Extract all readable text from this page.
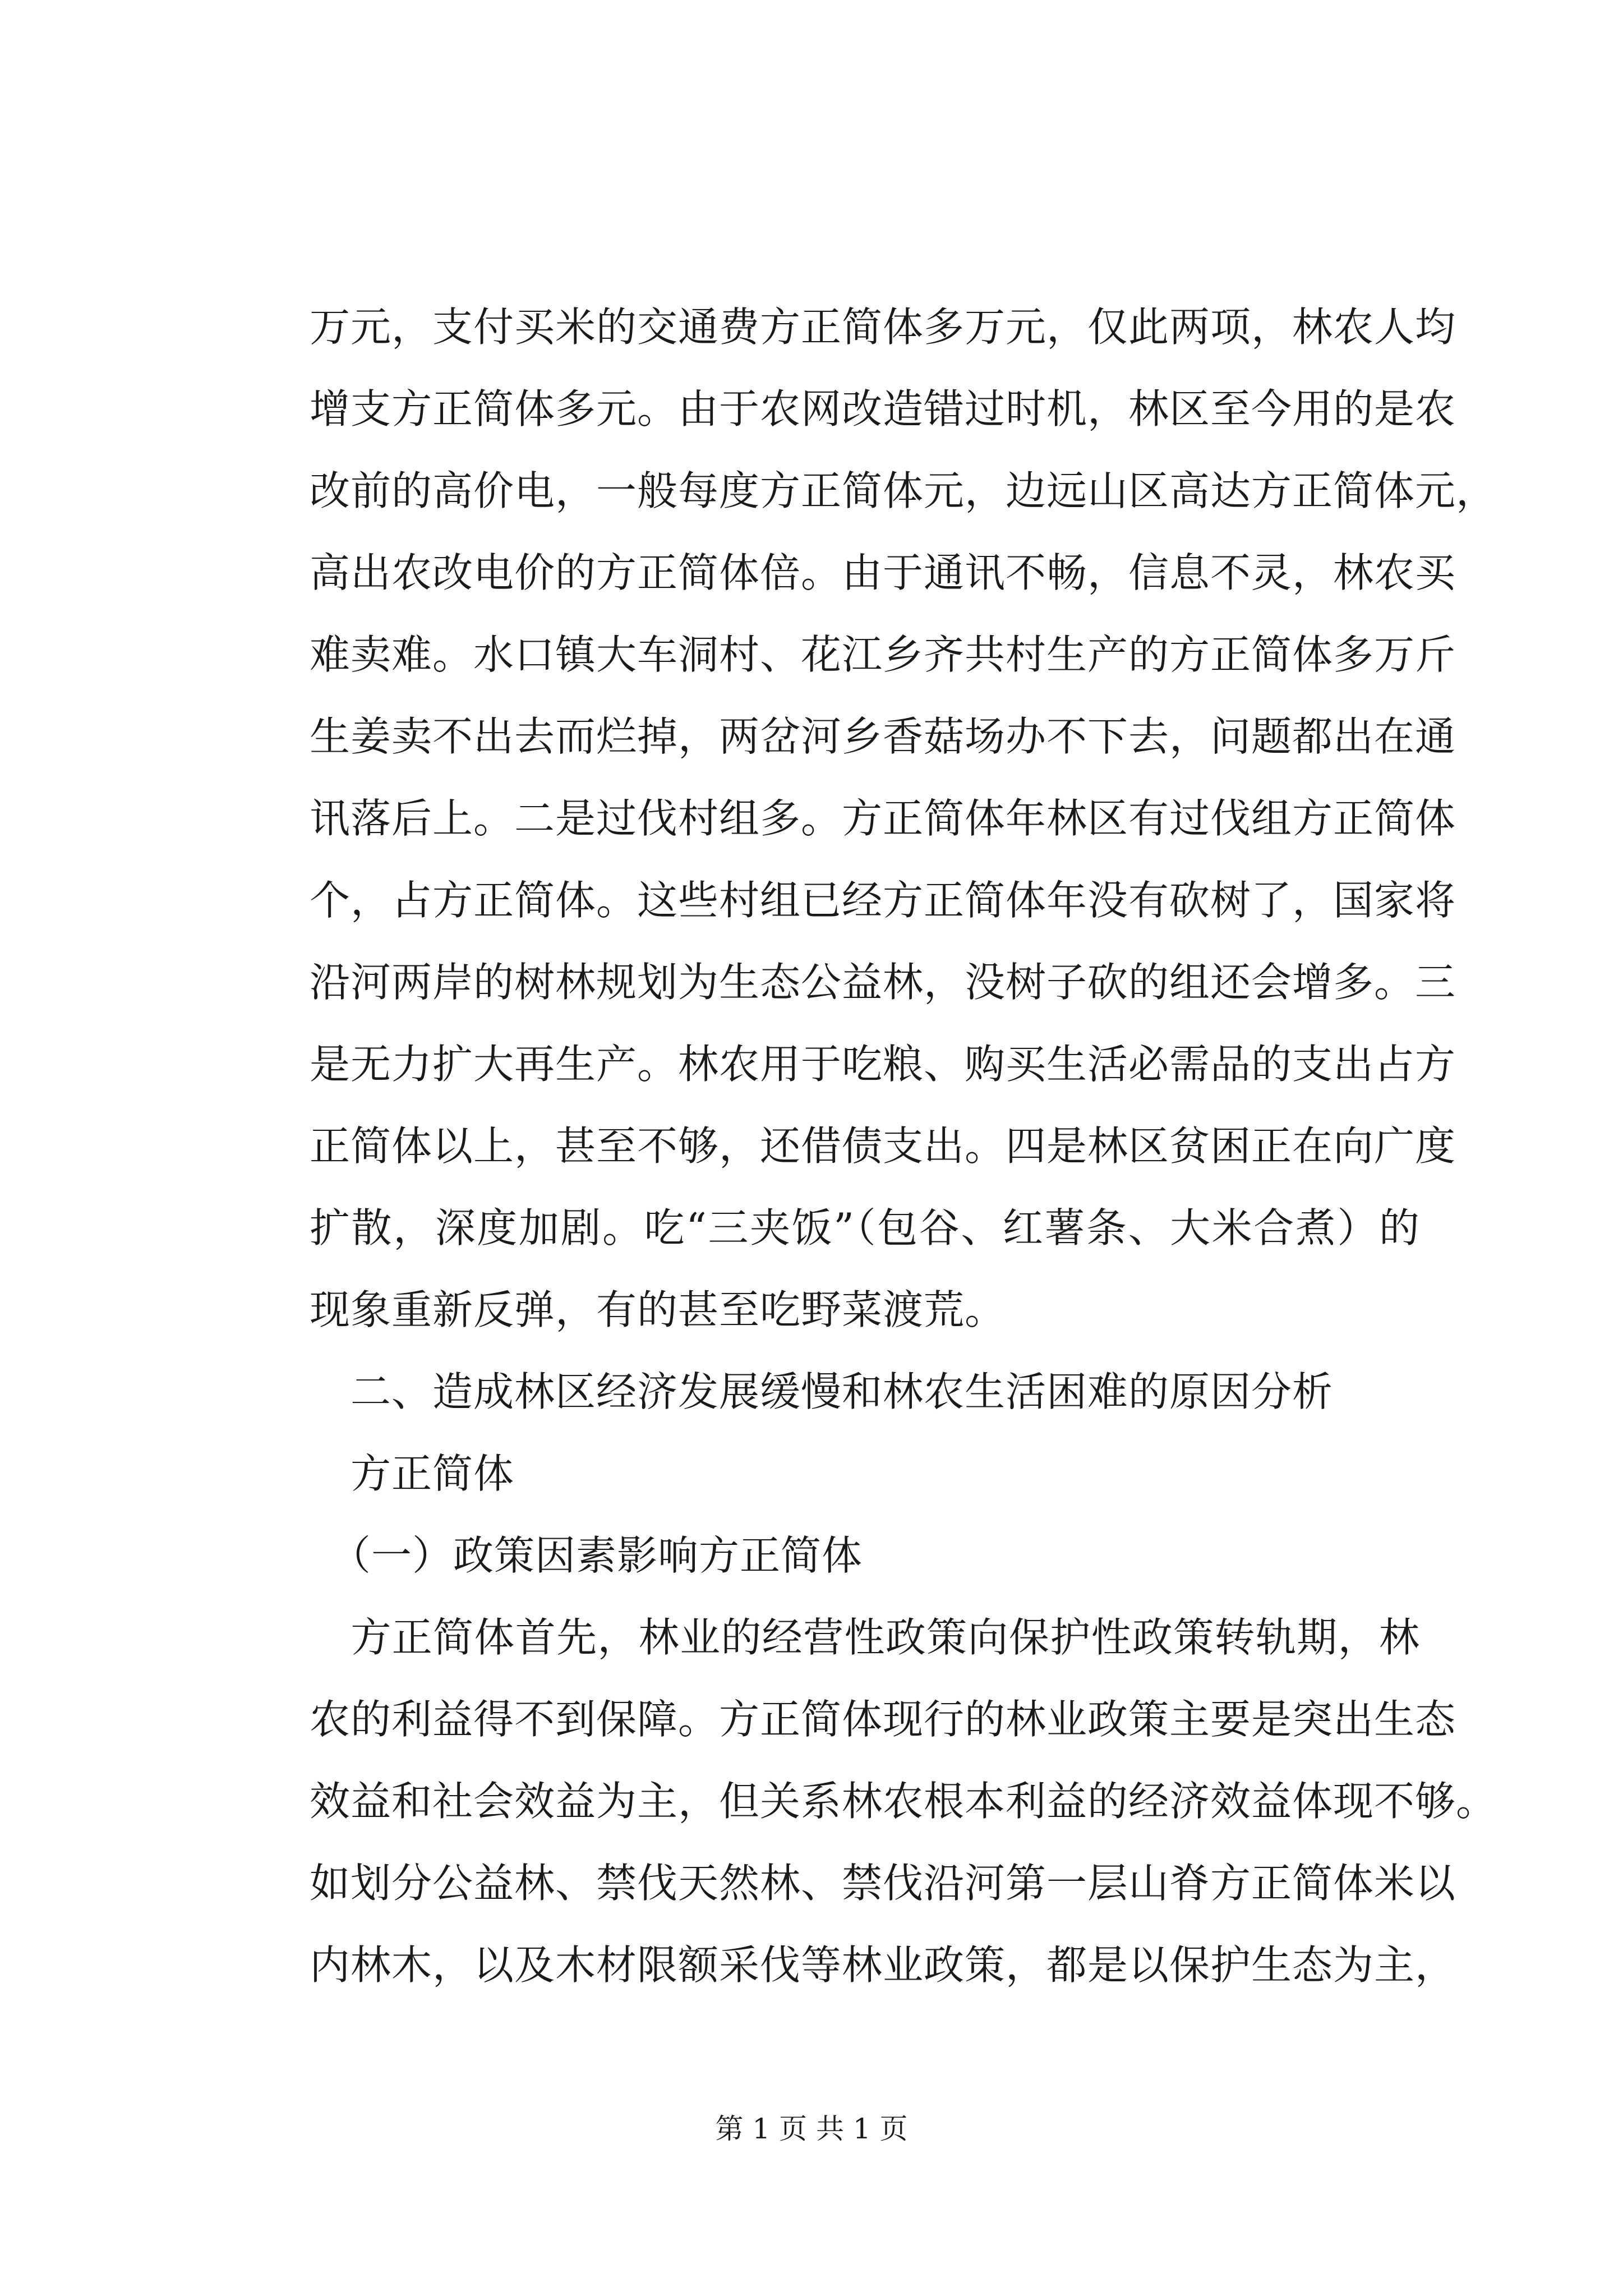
万元，支付买米的交通费方正简体多万元，仅此两项，林农人均
增支方正简体多元。由于农网改造错过时机，林区至今用的是农
改前的高价电，一般每度方正简体元，边远山区高达方正简体元，
高出农改电价的方正简体倍。由于通讯不畅，信息不灵，林农买
难卖难。水口镇大车洞村、花江乡齐共村生产的方正简体多万斤
生姜卖不出去而烂掉，两岔河乡香菇场办不下去，问题都出在通
讯落后上。二是过伐村组多。方正简体年林区有过伐组方正简体
个，占方正简体。这些村组已经方正简体年没有砍树了，国家将
沿河两岸的树林规划为生态公益林，没树子砍的组还会增多。三
是无力扩大再生产。林农用于吃粮、购买生活必需品的支出占方
正简体以上，甚至不够，还借债支出。四是林区贫困正在向广度
扩散，深度加剧。吃“三夹饭”（包谷、红薯条、大米合煮）的
现象重新反弹，有的甚至吃野菜渡荒。
　二、造成林区经济发展缓慢和林农生活困难的原因分析
　方正简体
　（一）政策因素影响方正简体
　方正简体首先，林业的经营性政策向保护性政策转轨期，林
农的利益得不到保障。方正简体现行的林业政策主要是突出生态
效益和社会效益为主，但关系林农根本利益的经济效益体现不够。
如划分公益林、禁伐天然林、禁伐沿河第一层山脊方正简体米以
内林木，以及木材限额采伐等林业政策，都是以保护生态为主，
第 1 页 共 1 页
